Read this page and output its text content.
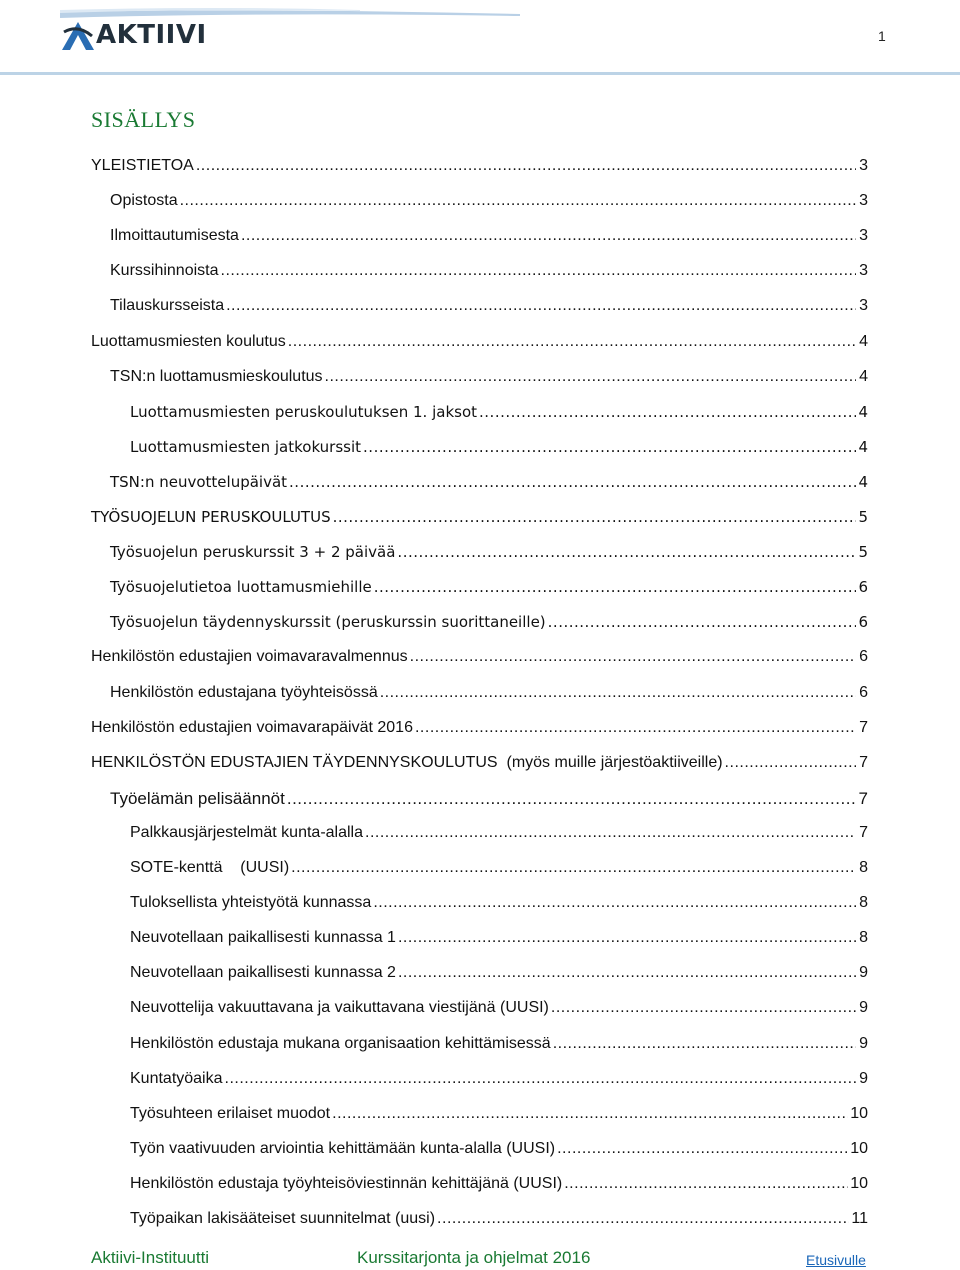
AKTIIVI	1
SISÄLLYS
YLEISTIETOA .....	3
Opistosta .....	3
Ilmoittautumisesta .....	3
Kurssihinnoista .....	3
Tilauskursseista .....	3
Luottamusmiesten koulutus .....	4
TSN:n luottamusmieskoulutus .....	4
Luottamusmiesten peruskoulutuksen 1. jaksot .....	4
Luottamusmiesten jatkokurssit .....	4
TSN:n neuvottelupäivät .....	4
TYÖSUOJELUN PERUSKOULUTUS .....	5
Työsuojelun peruskurssit 3 + 2 päivää .....	5
Työsuojelutietoa luottamusmiehille .....	6
Työsuojelun täydennyskurssit (peruskurssin suorittaneille) .....	6
Henkilöstön edustajien voimavaravalmennus .....	6
Henkilöstön edustajana työyhteisössä .....	6
Henkilöstön edustajien voimavarapäivät 2016 .....	7
HENKILÖSTÖN EDUSTAJIEN TÄYDENNYSKOULUTUS  (myös muille järjestöaktiiveille) .....	7
Työelämän pelisäännöt .....	7
Palkkausjärjestelmät kunta-alalla .....	7
SOTE-kenttä    (UUSI) .....	8
Tuloksellista yhteistyötä kunnassa .....	8
Neuvotellaan paikallisesti kunnassa 1 .....	8
Neuvotellaan paikallisesti kunnassa 2 .....	9
Neuvottelija vakuuttavana ja vaikuttavana viestijänä (UUSI) .....	9
Henkilöstön edustaja mukana organisaation kehittämisessä .....	9
Kuntatyöaika .....	9
Työsuhteen erilaiset muodot .....	10
Työn vaativuuden arviointia kehittämään kunta-alalla (UUSI) .....	10
Henkilöstön edustaja työyhteisöviestinnän kehittäjänä (UUSI) .....	10
Työpaikan lakisääteiset suunnitelmat (uusi) .....	11
Aktiivi-Instituutti	Kurssitarjonta ja ohjelmat 2016	Etusivulle
